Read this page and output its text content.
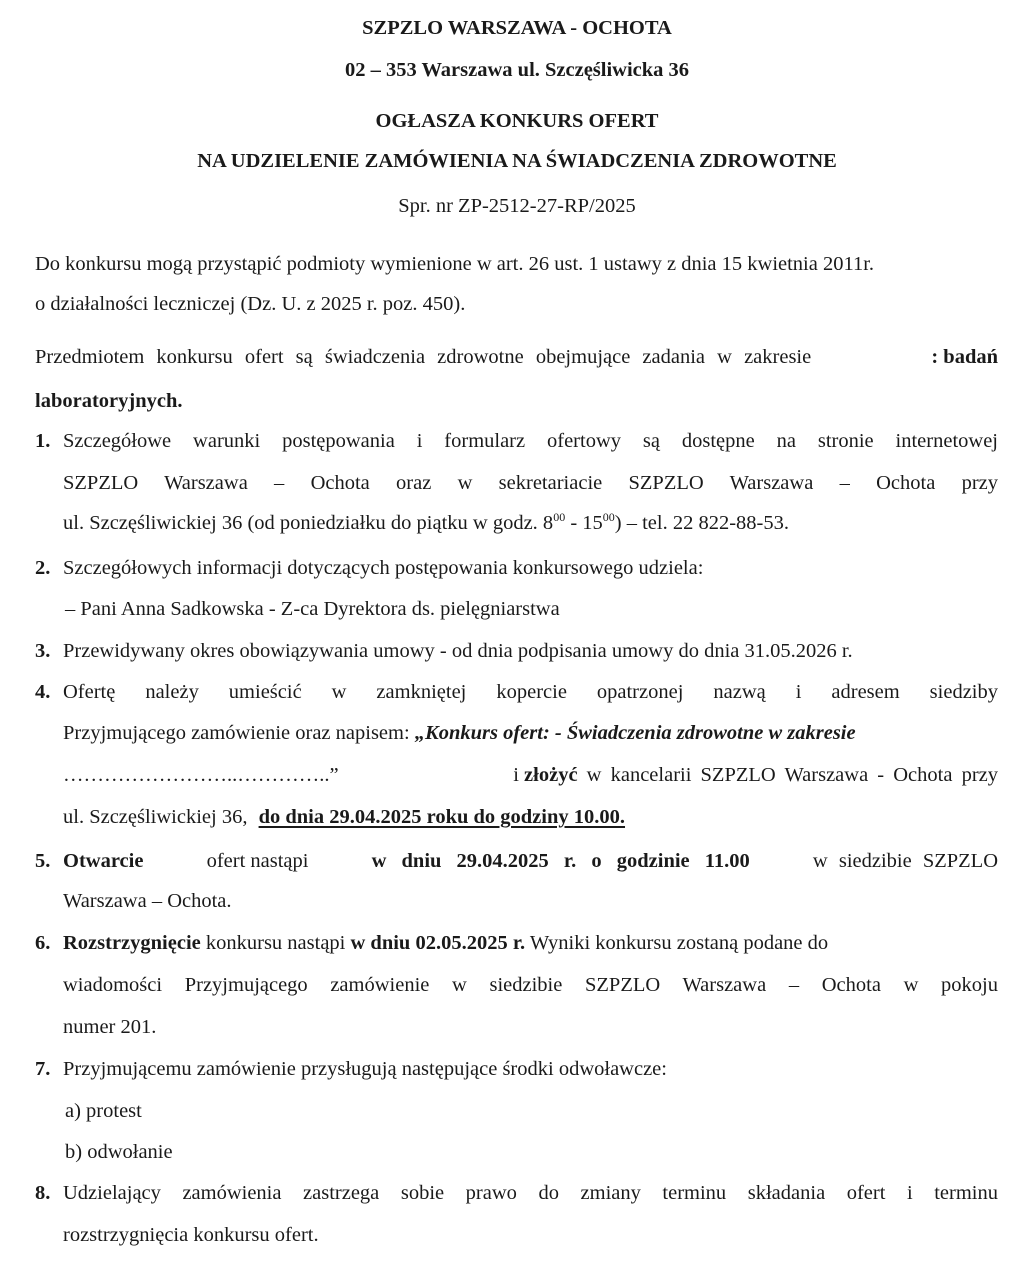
SZPZLO WARSZAWA - OCHOTA
02 – 353 Warszawa ul. Szczęśliwicka 36
OGŁASZA KONKURS OFERT
NA UDZIELENIE ZAMÓWIENIA NA ŚWIADCZENIA ZDROWOTNE
Spr. nr ZP-2512-27-RP/2025
Do konkursu mogą przystąpić podmioty wymienione w art. 26 ust. 1 ustawy z dnia 15 kwietnia 2011r.
o działalności leczniczej (Dz. U. z 2025 r. poz. 450).
Przedmiotem konkursu ofert są świadczenia zdrowotne obejmujące zadania w zakresie	: badań
laboratoryjnych.
1. Szczegółowe warunki postępowania i formularz ofertowy są dostępne na stronie internetowej
SZPZLO Warszawa – Ochota oraz w sekretariacie SZPZLO Warszawa – Ochota przy
ul. Szczęśliwickiej 36 (od poniedziałku do piątku w godz. $8^{00} - 15^{00}$) – tel. 22 822-88-53.
2. Szczegółowych informacji dotyczących postępowania konkursowego udziela:
– Pani Anna Sadkowska - Z-ca Dyrektora ds. pielęgniarstwa
3. Przewidywany okres obowiązywania umowy - od dnia podpisania umowy do dnia 31.05.2026 r.
4. Ofertę należy umieścić w zamkniętej kopercie opatrzonej nazwą i adresem siedziby
Przyjmującego zamówienie oraz napisem: „Konkurs ofert: - Świadczenia zdrowotne w zakresie
……………………..…………..”	i złożyć w kancelarii SZPZLO Warszawa - Ochota przy
ul. Szczęśliwickiej 36, do dnia 29.04.2025 roku do godziny 10.00.
5. Otwarcie	ofert nastąpi	w dniu 29.04.2025 r. o godzinie 11.00	w siedzibie SZPZLO
Warszawa – Ochota.
6. Rozstrzygnięcie konkursu nastąpi w dniu 02.05.2025 r. Wyniki konkursu zostaną podane do
wiadomości Przyjmującego zamówienie w siedzibie SZPZLO Warszawa – Ochota w pokoju
numer 201.
7. Przyjmującemu zamówienie przysługują następujące środki odwoławcze:
a) protest
b) odwołanie
8. Udzielający zamówienia zastrzega sobie prawo do zmiany terminu składania ofert i terminu
rozstrzygnięcia konkursu ofert.
